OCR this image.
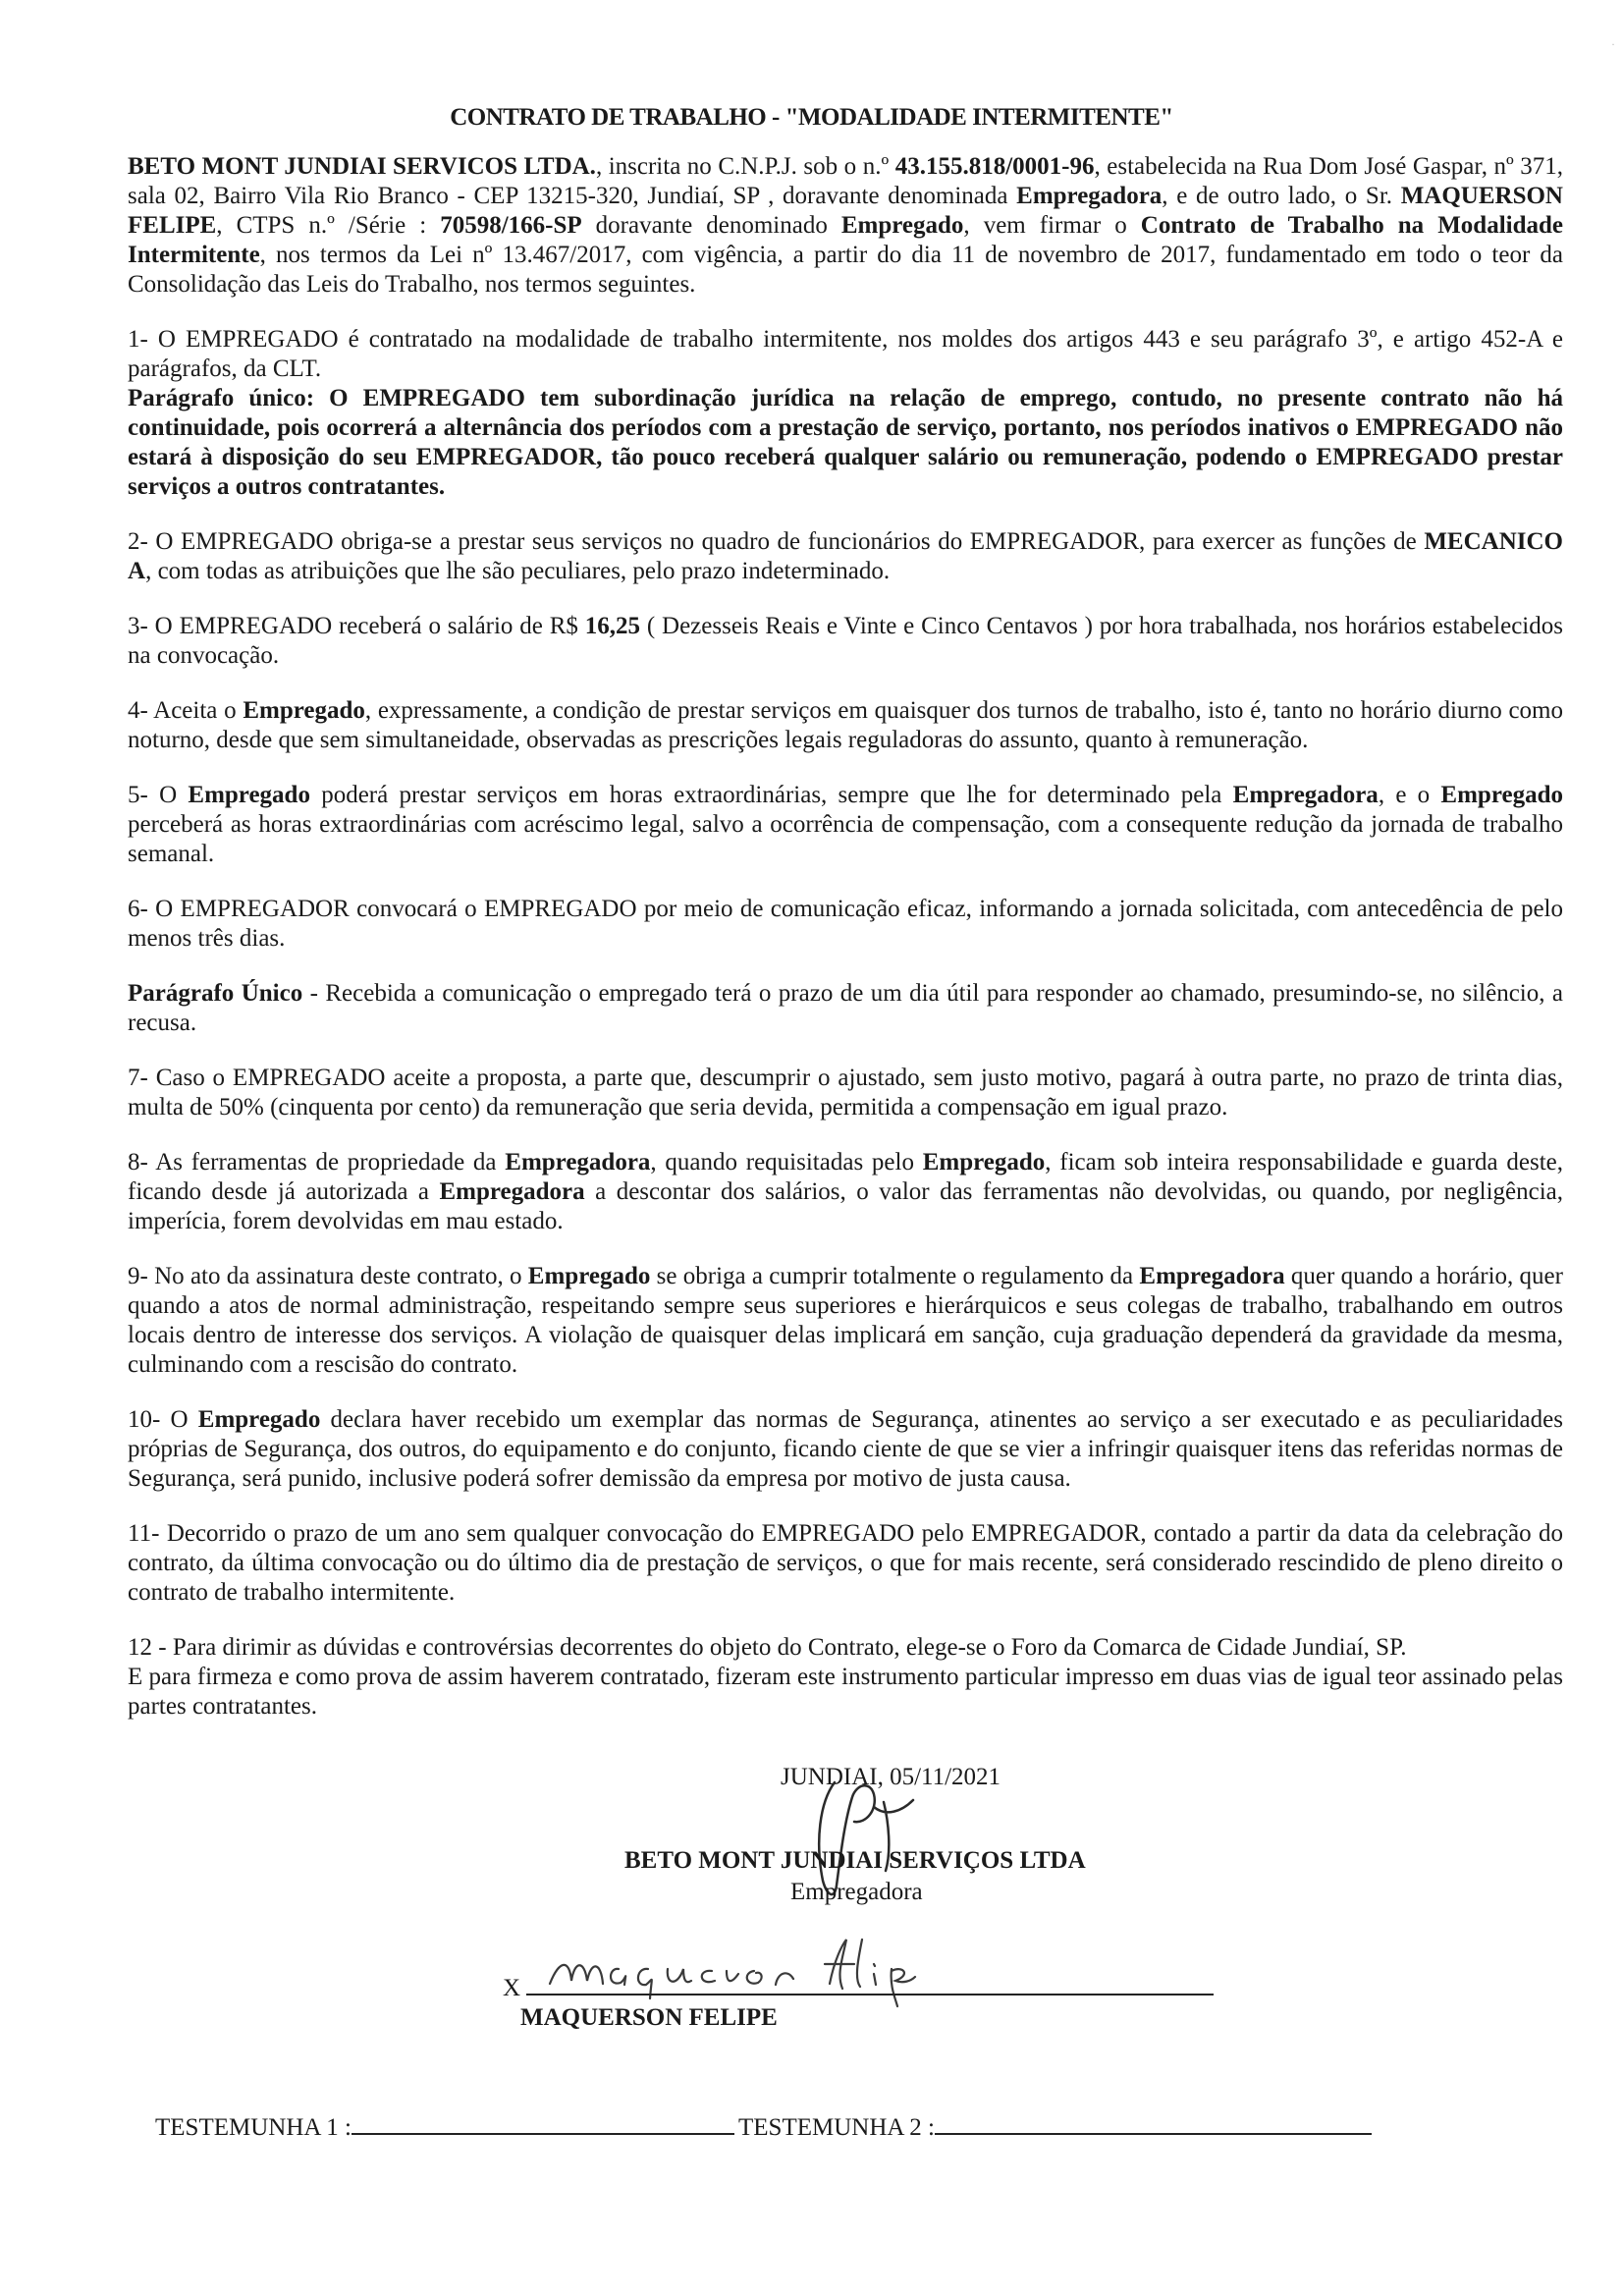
·
CONTRATO DE TRABALHO - "MODALIDADE INTERMITENTE"

BETO MONT JUNDIAI SERVICOS LTDA., inscrita no C.N.P.J. sob o n.º 43.155.818/0001-96, estabelecida na Rua Dom José Gaspar, nº 371, sala 02, Bairro Vila Rio Branco - CEP 13215-320, Jundiaí, SP , doravante denominada Empregadora, e de outro lado, o Sr. MAQUERSON FELIPE, CTPS n.º /Série : 70598/166-SP doravante denominado Empregado, vem firmar o Contrato de Trabalho na Modalidade Intermitente, nos termos da Lei nº 13.467/2017, com vigência, a partir do dia 11 de novembro de 2017, fundamentado em todo o teor da Consolidação das Leis do Trabalho, nos termos seguintes.

1- O EMPREGADO é contratado na modalidade de trabalho intermitente, nos moldes dos artigos 443 e seu parágrafo 3º, e artigo 452-A e parágrafos, da CLT.

Parágrafo único: O EMPREGADO tem subordinação jurídica na relação de emprego, contudo, no presente contrato não há continuidade, pois ocorrerá a alternância dos períodos com a prestação de serviço, portanto, nos períodos inativos o EMPREGADO não estará à disposição do seu EMPREGADOR, tão pouco receberá qualquer salário ou remuneração, podendo o EMPREGADO prestar serviços a outros contratantes.

2- O EMPREGADO obriga-se a prestar seus serviços no quadro de funcionários do EMPREGADOR, para exercer as funções de MECANICO A, com todas as atribuições que lhe são peculiares, pelo prazo indeterminado.

3- O EMPREGADO receberá o salário de R$ 16,25 ( Dezesseis Reais e Vinte e Cinco Centavos ) por hora trabalhada, nos horários estabelecidos na convocação.

4- Aceita o Empregado, expressamente, a condição de prestar serviços em quaisquer dos turnos de trabalho, isto é, tanto no horário diurno como noturno, desde que sem simultaneidade, observadas as prescrições legais reguladoras do assunto, quanto à remuneração.

5- O Empregado poderá prestar serviços em horas extraordinárias, sempre que lhe for determinado pela Empregadora, e o Empregado perceberá as horas extraordinárias com acréscimo legal, salvo a ocorrência de compensação, com a consequente redução da jornada de trabalho semanal.

6- O EMPREGADOR convocará o EMPREGADO por meio de comunicação eficaz, informando a jornada solicitada, com antecedência de pelo menos três dias.

Parágrafo Único - Recebida a comunicação o empregado terá o prazo de um dia útil para responder ao chamado, presumindo-se, no silêncio, a recusa.

7- Caso o EMPREGADO aceite a proposta, a parte que, descumprir o ajustado, sem justo motivo, pagará à outra parte, no prazo de trinta dias, multa de 50% (cinquenta por cento) da remuneração que seria devida, permitida a compensação em igual prazo.

8- As ferramentas de propriedade da Empregadora, quando requisitadas pelo Empregado, ficam sob inteira responsabilidade e guarda deste, ficando desde já autorizada a Empregadora a descontar dos salários, o valor das ferramentas não devolvidas, ou quando, por negligência, imperícia, forem devolvidas em mau estado.

9- No ato da assinatura deste contrato, o Empregado se obriga a cumprir totalmente o regulamento da Empregadora quer quando a horário, quer quando a atos de normal administração, respeitando sempre seus superiores e hierárquicos e seus colegas de trabalho, trabalhando em outros locais dentro de interesse dos serviços. A violação de quaisquer delas implicará em sanção, cuja graduação dependerá da gravidade da mesma, culminando com a rescisão do contrato.

10- O Empregado declara haver recebido um exemplar das normas de Segurança, atinentes ao serviço a ser executado e as peculiaridades próprias de Segurança, dos outros, do equipamento e do conjunto, ficando ciente de que se vier a infringir quaisquer itens das referidas normas de Segurança, será punido, inclusive poderá sofrer demissão da empresa por motivo de justa causa.

11- Decorrido o prazo de um ano sem qualquer convocação do EMPREGADO pelo EMPREGADOR, contado a partir da data da celebração do contrato, da última convocação ou do último dia de prestação de serviços, o que for mais recente, será considerado rescindido de pleno direito o contrato de trabalho intermitente.

12 - Para dirimir as dúvidas e controvérsias decorrentes do objeto do Contrato, elege-se o Foro da Comarca de Cidade Jundiaí, SP.

E para firmeza e como prova de assim haverem contratado, fizeram este instrumento particular impresso em duas vias de igual teor assinado pelas partes contratantes.

JUNDIAI, 05/11/2021
BETO MONT JUNDIAI SERVIÇOS LTDA
Empregadora
X
MAQUERSON FELIPE
TESTEMUNHA 1 :	TESTEMUNHA 2 :
